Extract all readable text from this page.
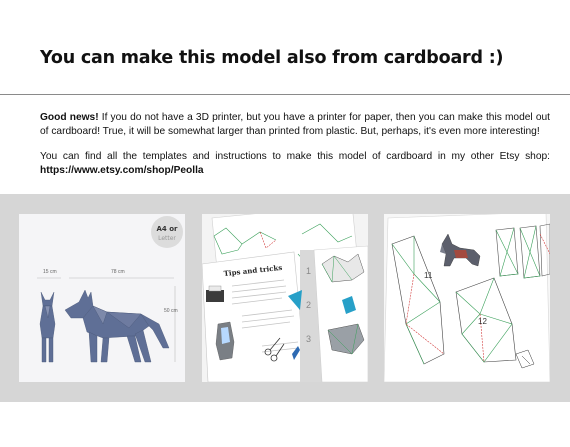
You can make this model also from cardboard :)

Good news! If you do not have a 3D printer, but you have a printer for paper, then you can make this model out of cardboard! True, it will be somewhat larger than printed from plastic. But, perhaps, it's even more interesting!

You can find all the templates and instructions to make this model of cardboard in my other Etsy shop: https://www.etsy.com/shop/Peolla

A4 or
Letter
15 cm	78 cm
50 cm
Tips and tricks	1
2
3
11
12
